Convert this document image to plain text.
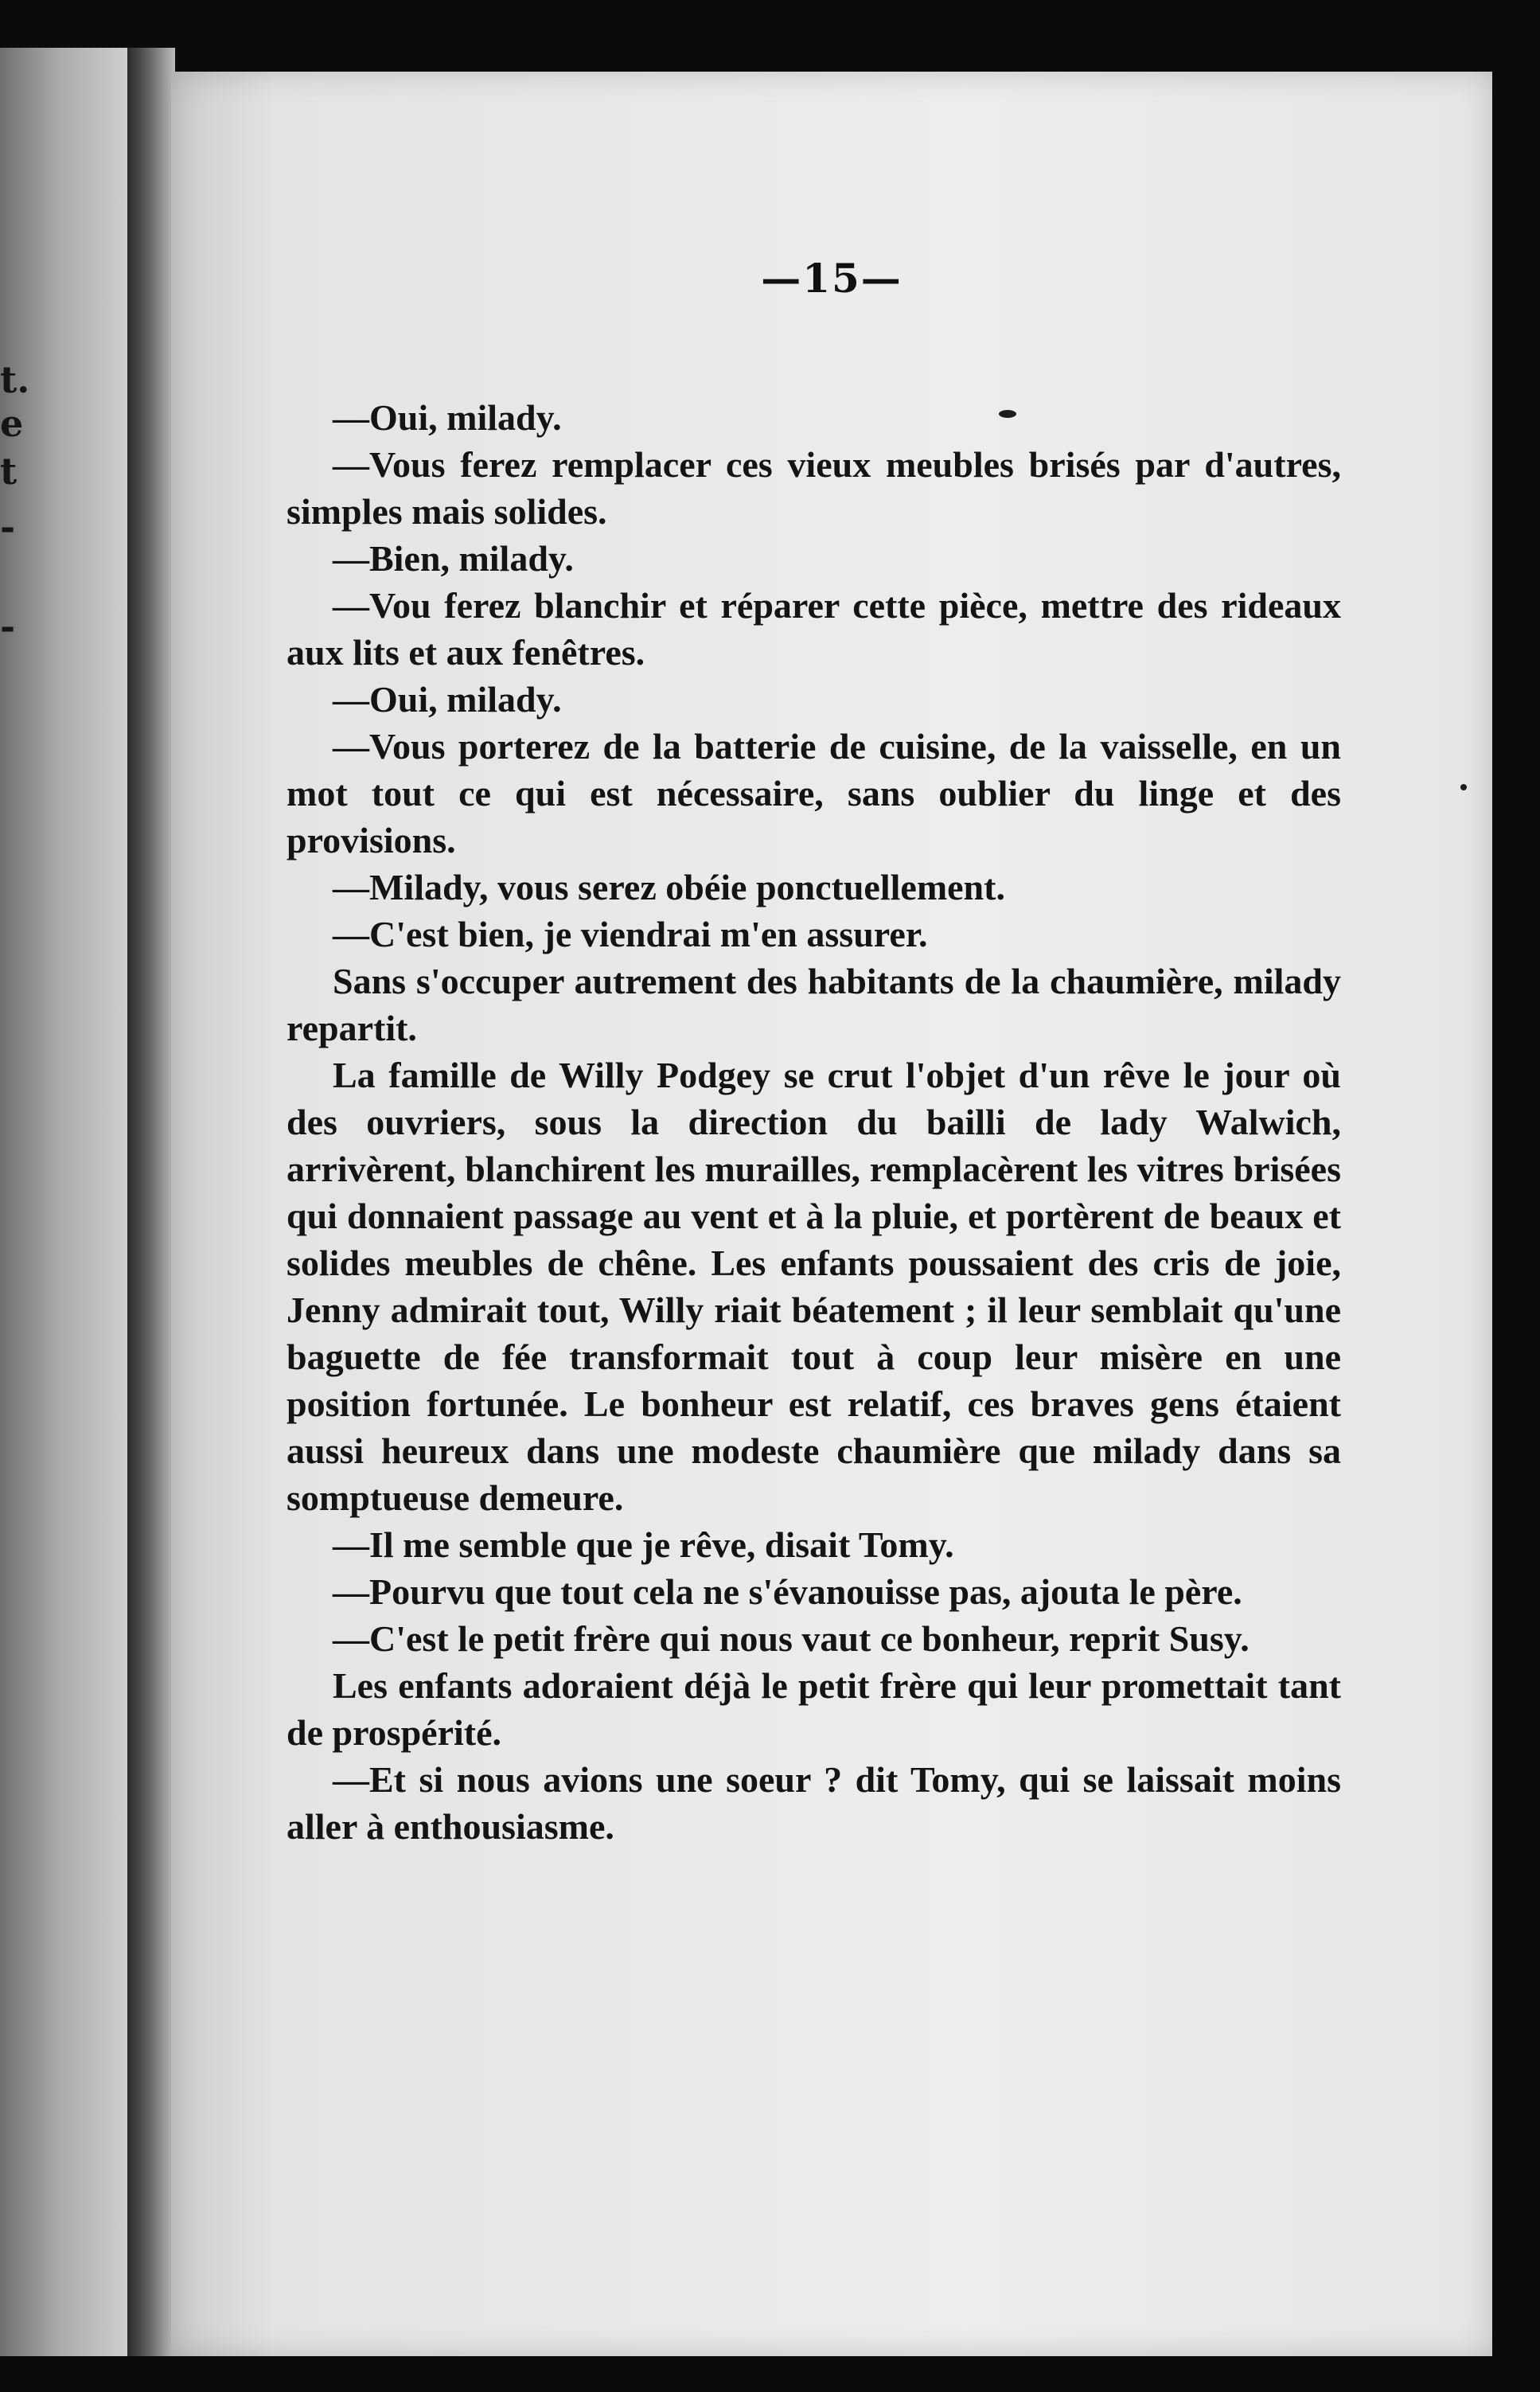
t.
e
t
-
-
—15—

—Oui, milady.

—Vous ferez remplacer ces vieux meubles brisés par d'autres, simples mais solides.

—Bien, milady.

—Vou ferez blanchir et réparer cette pièce, mettre des rideaux aux lits et aux fenêtres.

—Oui, milady.

—Vous porterez de la batterie de cuisine, de la vaisselle, en un mot tout ce qui est nécessaire, sans oublier du linge et des provisions.

—Milady, vous serez obéie ponctuellement.

—C'est bien, je viendrai m'en assurer.

Sans s'occuper autrement des habitants de la chaumière, milady repartit.

La famille de Willy Podgey se crut l'objet d'un rêve le jour où des ouvriers, sous la direction du bailli de lady Walwich, arrivèrent, blanchirent les murailles, remplacèrent les vitres brisées qui donnaient passage au vent et à la pluie, et portèrent de beaux et solides meubles de chêne. Les enfants poussaient des cris de joie, Jenny admirait tout, Willy riait béatement ; il leur semblait qu'une baguette de fée transformait tout à coup leur misère en une position fortunée. Le bonheur est relatif, ces braves gens étaient aussi heureux dans une modeste chaumière que milady dans sa somptueuse demeure.

—Il me semble que je rêve, disait Tomy.

—Pourvu que tout cela ne s'évanouisse pas, ajouta le père.

—C'est le petit frère qui nous vaut ce bonheur, reprit Susy.

Les enfants adoraient déjà le petit frère qui leur promettait tant de prospérité.

—Et si nous avions une soeur ? dit Tomy, qui se laissait moins aller à enthousiasme.
